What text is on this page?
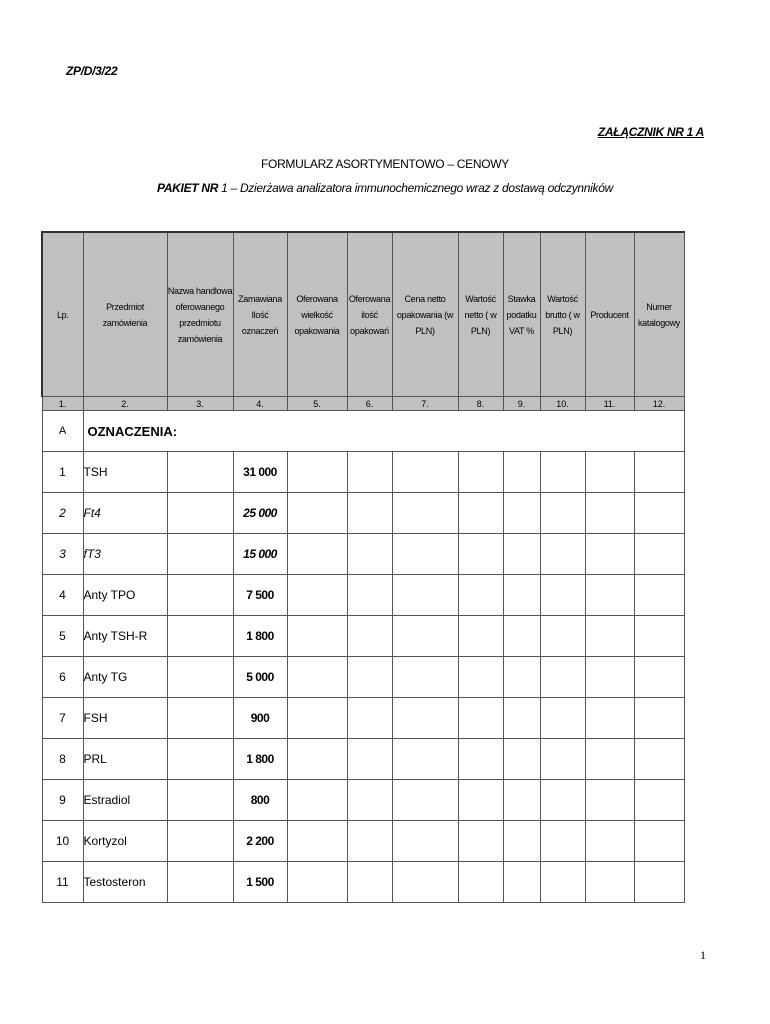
ZP/D/3/22
ZAŁĄCZNIK NR 1 A
FORMULARZ ASORTYMENTOWO – CENOWY
PAKIET NR 1 – Dzierżawa analizatora immunochemicznego wraz z dostawą odczynników
Lp.	Przedmiot zamówienia	Nazwa handlowa oferowanego przedmiotu zamówienia	Zamawiana Ilość oznaczeń	Oferowana wielkość opakowania	Oferowana ilość opakowań	Cena netto opakowania (w PLN)	Wartość netto ( w PLN)	Stawka podatku VAT %	Wartość brutto ( w PLN)	Producent	Numer katalogowy
1.	2.	3.	4.	5.	6.	7.	8.	9.	10.	11.	12.
A	OZNACZENIA:										
1	TSH		31 000								
2	Ft4		25 000								
3	fT3		15 000								
4	Anty TPO		7 500								
5	Anty TSH-R		1 800								
6	Anty TG		5 000								
7	FSH		900								
8	PRL		1 800								
9	Estradiol		800								
10	Kortyzol		2 200								
11	Testosteron		1 500								
1
